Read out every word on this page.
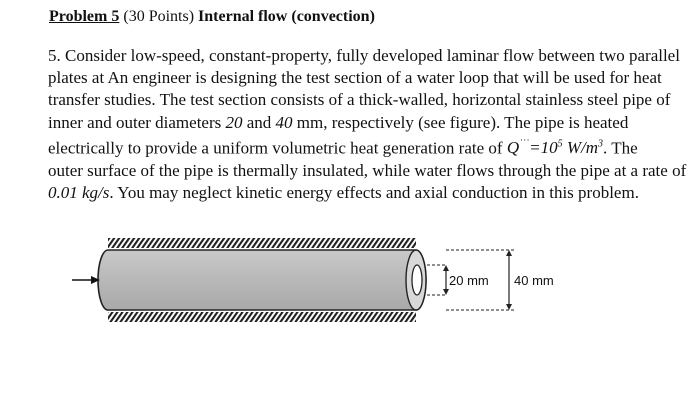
Problem 5 (30 Points) Internal flow (convection)
5. Consider low-speed, constant-property, fully developed laminar flow between two parallel
plates at An engineer is designing the test section of a water loop that will be used for heat
transfer studies. The test section consists of a thick-walled, horizontal stainless steel pipe of
inner and outer diameters 20 and 40 mm, respectively (see figure). The pipe is heated
electrically to provide a uniform volumetric heat generation rate of $Q^{˙˙˙}=10^5$ $W/m^3$. The
outer surface of the pipe is thermally insulated, while water flows through the pipe at a rate of
0.01 kg/s. You may neglect kinetic energy effects and axial conduction in this problem.
20 mm 40 mm
